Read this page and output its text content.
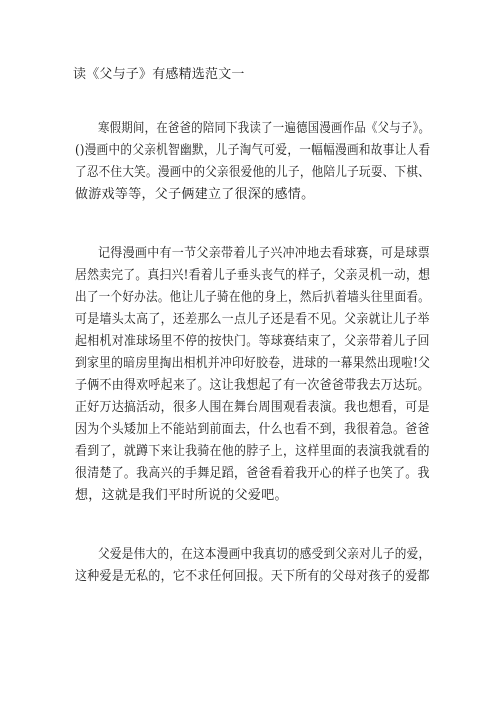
读《父与子》有感精选范文一
寒假期间，在爸爸的陪同下我读了一遍德国漫画作品《父与子》。
()漫画中的父亲机智幽默，儿子淘气可爱，一幅幅漫画和故事让人看
了忍不住大笑。漫画中的父亲很爱他的儿子，他陪儿子玩耍、下棋、
做游戏等等，父子俩建立了很深的感情。
记得漫画中有一节父亲带着儿子兴冲冲地去看球赛，可是球票
居然卖完了。真扫兴!看着儿子垂头丧气的样子，父亲灵机一动，想
出了一个好办法。他让儿子骑在他的身上，然后扒着墙头往里面看。
可是墙头太高了，还差那么一点儿子还是看不见。父亲就让儿子举
起相机对准球场里不停的按快门。等球赛结束了，父亲带着儿子回
到家里的暗房里掏出相机并冲印好胶卷，进球的一幕果然出现啦!父
子俩不由得欢呼起来了。这让我想起了有一次爸爸带我去万达玩。
正好万达搞活动，很多人围在舞台周围观看表演。我也想看，可是
因为个头矮加上不能站到前面去，什么也看不到，我很着急。爸爸
看到了，就蹲下来让我骑在他的脖子上，这样里面的表演我就看的
很清楚了。我高兴的手舞足蹈，爸爸看着我开心的样子也笑了。我
想，这就是我们平时所说的父爱吧。
父爱是伟大的，在这本漫画中我真切的感受到父亲对儿子的爱，
这种爱是无私的，它不求任何回报。天下所有的父母对孩子的爱都
